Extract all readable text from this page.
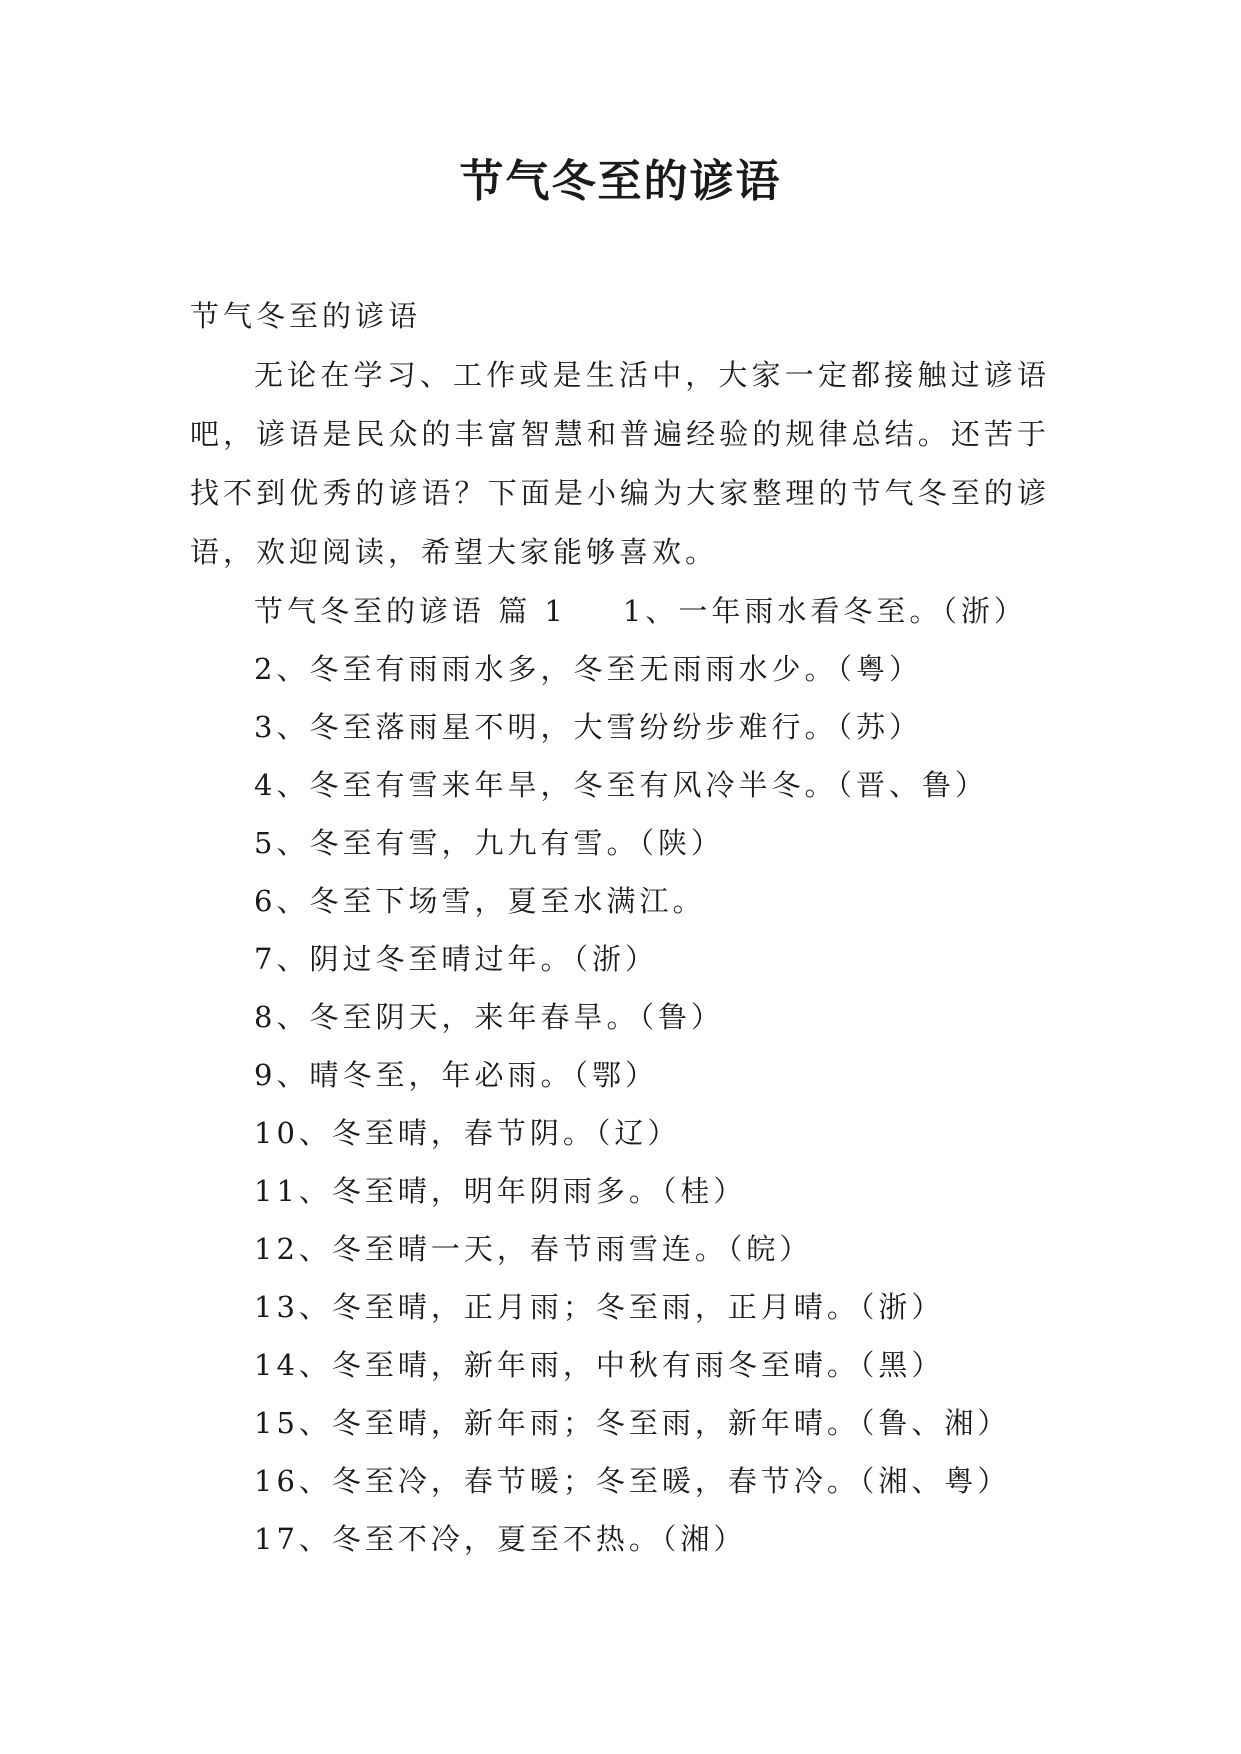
节气冬至的谚语

节气冬至的谚语

无论在学习、工作或是生活中，大家一定都接触过谚语吧，谚语是民众的丰富智慧和普遍经验的规律总结。还苦于找不到优秀的谚语？下面是小编为大家整理的节气冬至的谚语，欢迎阅读，希望大家能够喜欢。

节气冬至的谚语 篇 1 1、一年雨水看冬至。（浙）
2、冬至有雨雨水多，冬至无雨雨水少。（粤）
3、冬至落雨星不明，大雪纷纷步难行。（苏）
4、冬至有雪来年旱，冬至有风冷半冬。（晋、鲁）
5、冬至有雪，九九有雪。（陕）
6、冬至下场雪，夏至水满江。
7、阴过冬至晴过年。（浙）
8、冬至阴天，来年春旱。（鲁）
9、晴冬至，年必雨。（鄂）
10、冬至晴，春节阴。（辽）
11、冬至晴，明年阴雨多。（桂）
12、冬至晴一天，春节雨雪连。（皖）
13、冬至晴，正月雨；冬至雨，正月晴。（浙）
14、冬至晴，新年雨，中秋有雨冬至晴。（黑）
15、冬至晴，新年雨；冬至雨，新年晴。（鲁、湘）
16、冬至冷，春节暖；冬至暖，春节冷。（湘、粤）
17、冬至不冷，夏至不热。（湘）
